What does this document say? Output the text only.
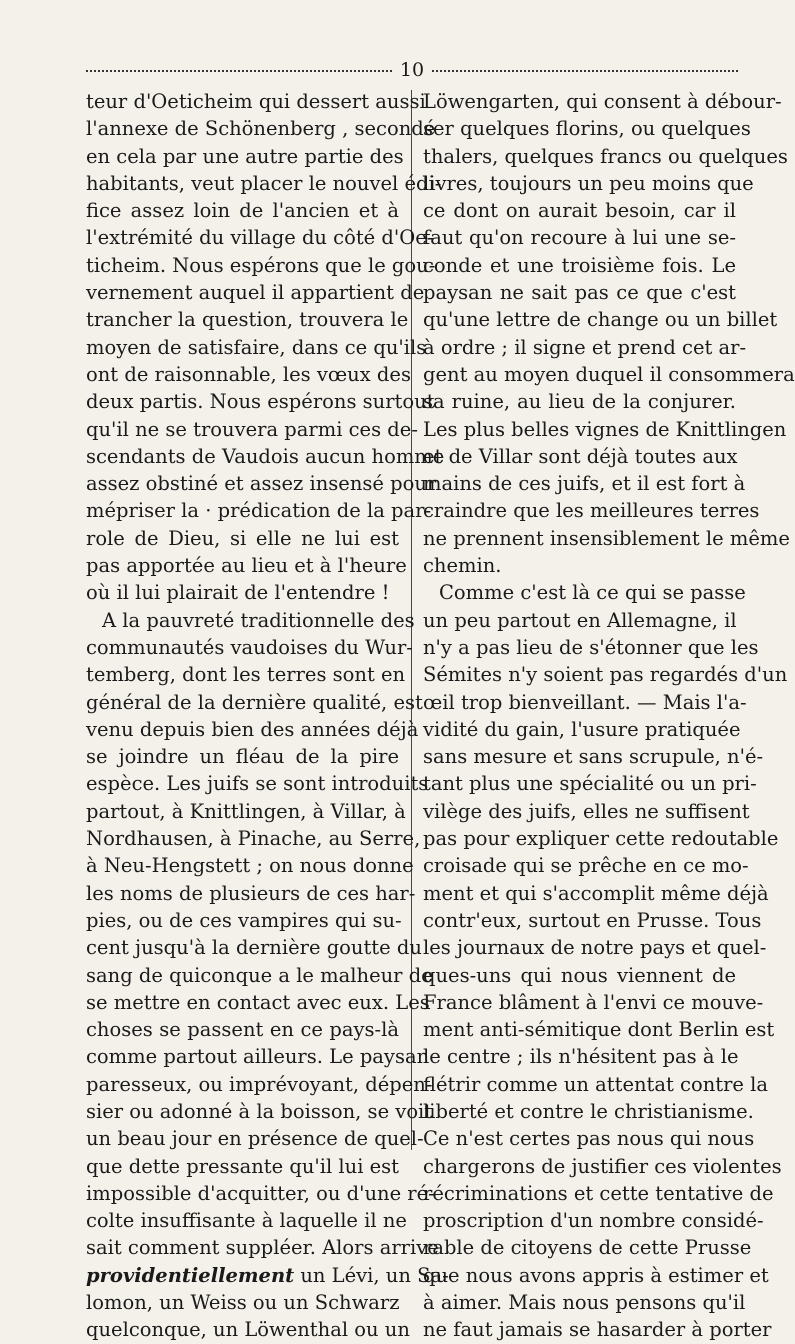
10
teur d'Oeticheim qui dessert aussi
l'annexe de Schönenberg , secondé
en cela par une autre partie des
habitants, veut placer le nouvel édi-
fice assez loin de l'ancien et à
l'extrémité du village du côté d'Oe-
ticheim. Nous espérons que le gou-
vernement auquel il appartient de
trancher la question, trouvera le
moyen de satisfaire, dans ce qu'ils
ont de raisonnable, les vœux des
deux partis. Nous espérons surtout
qu'il ne se trouvera parmi ces de-
scendants de Vaudois aucun homme
assez obstiné et assez insensé pour
mépriser la · prédication de la par-
role de Dieu, si elle ne lui est
pas apportée au lieu et à l'heure
où il lui plairait de l'entendre !
A la pauvreté traditionnelle des
communautés vaudoises du Wur-
temberg, dont les terres sont en
général de la dernière qualité, est
venu depuis bien des années déjà
se joindre un fléau de la pire
espèce. Les juifs se sont introduits
partout, à Knittlingen, à Villar, à
Nordhausen, à Pinache, au Serre,
à Neu-Hengstett ; on nous donne
les noms de plusieurs de ces har-
pies, ou de ces vampires qui su-
cent jusqu'à la dernière goutte du
sang de quiconque a le malheur de
se mettre en contact avec eux. Les
choses se passent en ce pays-là
comme partout ailleurs. Le paysan
paresseux, ou imprévoyant, dépen-
sier ou adonné à la boisson, se voit
un beau jour en présence de quel-
que dette pressante qu'il lui est
impossible d'acquitter, ou d'une ré-
colte insuffisante à laquelle il ne
sait comment suppléer. Alors arrive
providentiellement un Lévi, un Sa-
lomon, un Weiss ou un Schwarz
quelconque, un Löwenthal ou un
Löwengarten, qui consent à débour-
ser quelques florins, ou quelques
thalers, quelques francs ou quelques
livres, toujours un peu moins que
ce dont on aurait besoin, car il
faut qu'on recoure à lui une se-
conde et une troisième fois. Le
paysan ne sait pas ce que c'est
qu'une lettre de change ou un billet
à ordre ; il signe et prend cet ar-
gent au moyen duquel il consommera
sa ruine, au lieu de la conjurer.
Les plus belles vignes de Knittlingen
et de Villar sont déjà toutes aux
mains de ces juifs, et il est fort à
craindre que les meilleures terres
ne prennent insensiblement le même
chemin.
Comme c'est là ce qui se passe
un peu partout en Allemagne, il
n'y a pas lieu de s'étonner que les
Sémites n'y soient pas regardés d'un
œil trop bienveillant. — Mais l'a-
vidité du gain, l'usure pratiquée
sans mesure et sans scrupule, n'é-
tant plus une spécialité ou un pri-
vilège des juifs, elles ne suffisent
pas pour expliquer cette redoutable
croisade qui se prêche en ce mo-
ment et qui s'accomplit même déjà
contr'eux, surtout en Prusse. Tous
les journaux de notre pays et quel-
ques-uns qui nous viennent de
France blâment à l'envi ce mouve-
ment anti-sémitique dont Berlin est
le centre ; ils n'hésitent pas à le
flétrir comme un attentat contre la
liberté et contre le christianisme.
Ce n'est certes pas nous qui nous
chargerons de justifier ces violentes
récriminations et cette tentative de
proscription d'un nombre considé-
rable de citoyens de cette Prusse
que nous avons appris à estimer et
à aimer. Mais nous pensons qu'il
ne faut jamais se hasarder à porter
